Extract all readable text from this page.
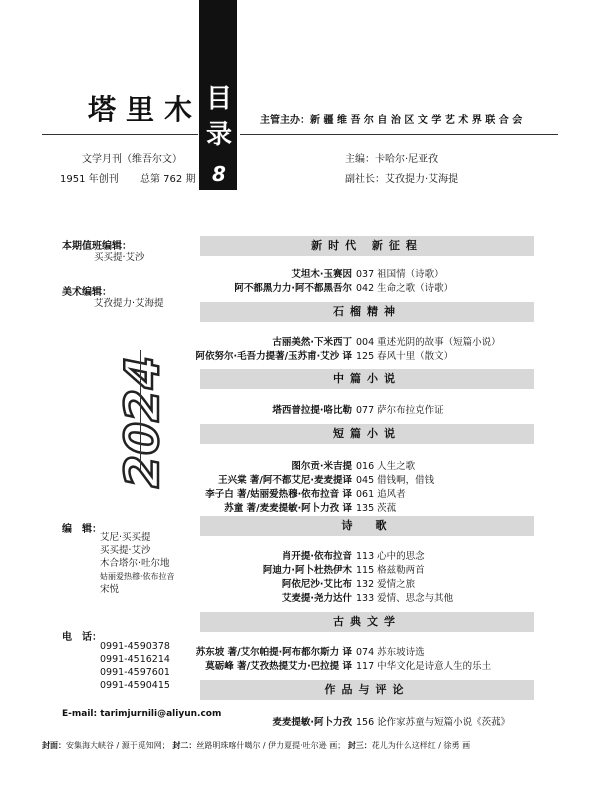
目
录
8
塔里木	主管主办：新 疆 维 吾 尔 自 治 区 文 学 艺 术 界 联 合 会
文学月刊（维吾尔文）
1951 年创刊 总第 762 期
主编：卡哈尔·尼亚孜
副社长：艾孜提力·艾海提
本期值班编辑：
买买提·艾沙
美术编辑：
艾孜提力·艾海提
2024
编　辑：
艾尼·买买提
买买提·艾沙
木合塔尔·吐尔地
姑丽爱热穆·依布拉音
宋悦
电　话：
0991-4590378
0991-4516214
0991-4597601
0991-4590415
E-mail: tarimjurnili@aliyun.com
新时代 新征程
艾坦木·玉赛因 037 祖国情（诗歌）
阿不都黑力力·阿不都黑吾尔 042 生命之歌（诗歌）
石榴精神
古丽美然·下米西丁 004 重述光阴的故事（短篇小说）
阿依努尔·毛吾力提著/玉苏甫·艾沙 译 125 春风十里（散文）
中篇小说
塔西普拉提·咯比勒 077 萨尔布拉克作证
短篇小说
图尔贡·米吉提 016 人生之歌
王兴棠 著/阿不都艾尼·麦麦提译 045 借钱啊，借钱
李子白 著/姑丽爱热穆·依布拉音 译 061 追风者
苏童 著/麦麦提敏·阿卜力孜 译 135 茨菰
诗　歌
肖开提·依布拉音 113 心中的思念
阿迪力·阿卜杜热伊木 115 格兹勒两首
阿依尼沙·艾比布 132 爱情之旅
艾麦提·尧力达什 133 爱情、思念与其他
古典文学
苏东坡 著/艾尔帕提·阿布都尔斯力 译 074 苏东坡诗选
莫砺峰 著/艾孜热提艾力·巴拉提 译 117 中华文化是诗意人生的乐土
作品与评论
麦麦提敏·阿卜力孜 156 论作家苏童与短篇小说《茨菰》
封面：安集海大峡谷 / 源于觅知网； 封二：丝路明珠喀什噶尔 / 伊力夏提·吐尔逊 画； 封三：花儿为什么这样红 / 徐勇 画
